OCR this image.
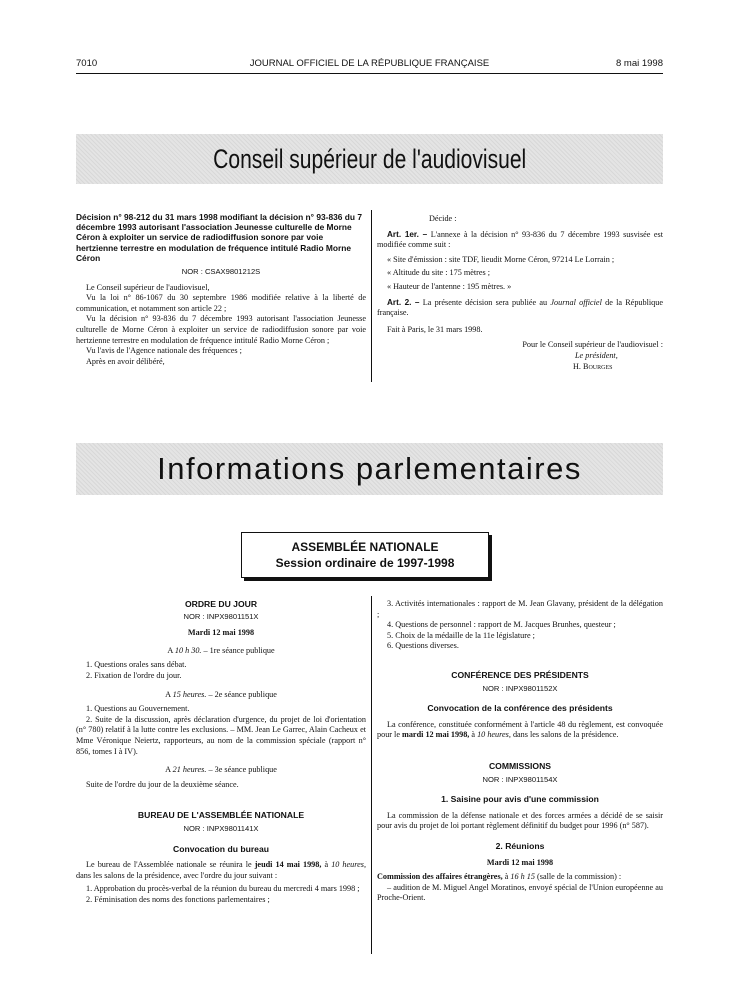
7010	JOURNAL OFFICIEL DE LA RÉPUBLIQUE FRANÇAISE	8 mai 1998
Conseil supérieur de l'audiovisuel

Décision n° 98-212 du 31 mars 1998 modifiant la décision n° 93-836 du 7 décembre 1993 autorisant l'association Jeunesse culturelle de Morne Céron à exploiter un service de radiodiffusion sonore par voie hertzienne terrestre en modulation de fréquence intitulé Radio Morne Céron

NOR : CSAX9801212S

Le Conseil supérieur de l'audiovisuel,

Vu la loi n° 86-1067 du 30 septembre 1986 modifiée relative à la liberté de communication, et notamment son article 22 ;

Vu la décision n° 93-836 du 7 décembre 1993 autorisant l'association Jeunesse culturelle de Morne Céron à exploiter un service de radiodiffusion sonore par voie hertzienne terrestre en modulation de fréquence intitulé Radio Morne Céron ;

Vu l'avis de l'Agence nationale des fréquences ;

Après en avoir délibéré,

Décide :

Art. 1er. – L'annexe à la décision n° 93-836 du 7 décembre 1993 susvisée est modifiée comme suit :

« Site d'émission : site TDF, lieudit Morne Céron, 97214 Le Lorrain ;

« Altitude du site : 175 mètres ;

« Hauteur de l'antenne : 195 mètres. »

Art. 2. – La présente décision sera publiée au Journal officiel de la République française.

Fait à Paris, le 31 mars 1998.

Pour le Conseil supérieur de l'audiovisuel :

Le président,

H. Bourges

Informations parlementaires
ASSEMBLÉE NATIONALE
Session ordinaire de 1997-1998

ORDRE DU JOUR

NOR : INPX9801151X

Mardi 12 mai 1998

A 10 h 30. – 1re séance publique

1. Questions orales sans débat.

2. Fixation de l'ordre du jour.

A 15 heures. – 2e séance publique

1. Questions au Gouvernement.

2. Suite de la discussion, après déclaration d'urgence, du projet de loi d'orientation (n° 780) relatif à la lutte contre les exclusions. – MM. Jean Le Garrec, Alain Cacheux et Mme Véronique Neiertz, rapporteurs, au nom de la commission spéciale (rapport n° 856, tomes I à IV).

A 21 heures. – 3e séance publique

Suite de l'ordre du jour de la deuxième séance.

BUREAU DE L'ASSEMBLÉE NATIONALE

NOR : INPX9801141X

Convocation du bureau

Le bureau de l'Assemblée nationale se réunira le jeudi 14 mai 1998, à 10 heures, dans les salons de la présidence, avec l'ordre du jour suivant :

1. Approbation du procès-verbal de la réunion du bureau du mercredi 4 mars 1998 ;

2. Féminisation des noms des fonctions parlementaires ;

3. Activités internationales : rapport de M. Jean Glavany, président de la délégation ;

4. Questions de personnel : rapport de M. Jacques Brunhes, questeur ;

5. Choix de la médaille de la 11e législature ;

6. Questions diverses.

CONFÉRENCE DES PRÉSIDENTS

NOR : INPX9801152X

Convocation de la conférence des présidents

La conférence, constituée conformément à l'article 48 du règlement, est convoquée pour le mardi 12 mai 1998, à 10 heures, dans les salons de la présidence.

COMMISSIONS

NOR : INPX9801154X

1. Saisine pour avis d'une commission

La commission de la défense nationale et des forces armées a décidé de se saisir pour avis du projet de loi portant règlement définitif du budget pour 1996 (n° 587).

2. Réunions

Mardi 12 mai 1998

Commission des affaires étrangères, à 16 h 15 (salle de la commission) :

– audition de M. Miguel Angel Moratinos, envoyé spécial de l'Union européenne au Proche-Orient.
